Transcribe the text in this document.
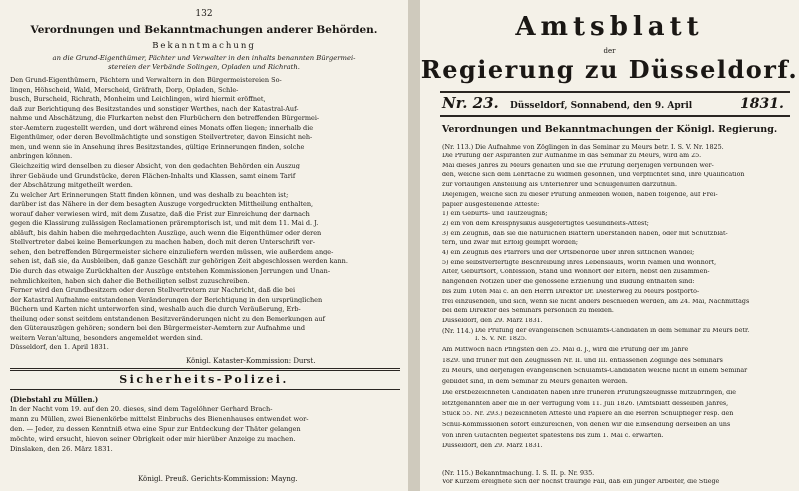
132
Verordnungen und Bekanntmachungen anderer Behörden.
Bekanntmachung
an die Grund-Eigenthümer, Pächter und Verwalter in den inhalts benannten Bürgermei-
stereien der Verbände Solingen, Opladen und Richrath.
Den Grund-Eigenthümern, Pächtern und Verwaltern in den Bürgermeistereien So-
lingen, Höhscheid, Wald, Merscheid, Gräfrath, Dorp, Opladen, Schle-
busch, Burscheid, Richrath, Monheim und Leichlingen, wird hiermit eröffnet,
daß zur Berichtigung des Besitzstandes und sonstiger Werthes, nach der Katastral-Auf-
nahme und Abschätzung, die Flurkarten nebst den Flurbüchern den betreffenden Bürgermei-
ster-Aemtern zugestellt werden, und dort während eines Monats offen liegen; innerhalb die
Eigenthümer, oder deren Bevollmächtigte und sonstigen Steilvertreter, davon Einsicht neh-
men, und wenn sie in Ansehung ihres Besitzstandes, gültige Erinnerungen finden, solche
anbringen können.
Gleichzeitig wird denselben zu dieser Absicht, von den gedachten Behörden ein Auszug
ihrer Gebäude und Grundstücke, deren Flächen-Inhalts und Klassen, samt einem Tarif
der Abschätzung mitgetheilt werden.
Zu welcher Art Erinnerungen Statt finden können, und was deshalb zu beachten ist;
darüber ist das Nähere in der dem besagten Auszuge vorgedruckten Mittheilung enthalten,
worauf daher verwiesen wird, mit dem Zusatze, daß die Frist zur Einreichung der darnach
gegen die Klassirung zulässigen Reclamationen präremptorisch ist, und mit dem 11. Mai d. J.
abläuft, bis dahin haben die mehrgedachten Auszüge, auch wenn die Eigenthümer oder deren
Stellvertreter dabei keine Bemerkungen zu machen haben, doch mit deren Unterschrift ver-
sehen, den betreffenden Bürgermeister sichere einzuliefern werden müssen, wie außerdem ange-
sehen ist, daß sie, da Ausbleiben, daß ganze Geschäft zur gehörigen Zeit abgeschlossen werden kann.
Die durch das etwaige Zurückhalten der Auszüge entstehen Kommissionen Jerrungen und Unan-
nehmlichkeiten, haben sich daher die Betheiligten selbst zuzuschreiben.
Ferner wird den Grundbesitzern oder deren Stellvertretern zur Nachricht, daß die bei
der Katastral Aufnahme entstandenen Veränderungen der Berichtigung in den ursprünglichen
Büchern und Karten nicht unterworfen sind, weshalb auch die durch Veräußerung, Erb-
theilung oder sonst seitdem entstandenen Besitzveränderungen nicht zu den Bemerkungen auf
den Güterauszügen gehören; sondern bei den Bürgermeister-Aemtern zur Aufnahme und
weitern Veran'altung, besonders angemeldet werden sind.
Düsseldorf, den 1. April 1831.
Königl. Kataster-Kommission: Durst.
Sicherheits-Polizei.
(Diebstahl zu Müllen.)
In der Nacht vom 19. auf den 20. dieses, sind dem Tagelöhner Gerhard Brach-
mann zu Müllen, zwei Bienenkörbe mittelst Einbruchs des Bienenhauses entwendet wor-
den. — Jeder, zu dessen Kenntniß etwa eine Spur zur Entdeckung der Thäter gelangen
möchte, wird ersucht, hievon seiner Obrigkeit oder mir hierüber Anzeige zu machen.
Dinslaken, den 26. März 1831.
Königl. Preuß. Gerichts-Kommission: Mayng.
Amtsblatt
der
Regierung zu Düsseldorf.
Nr. 23. Düsseldorf, Sonnabend, den 9. April	1831.
Verordnungen und Bekanntmachungen der Königl. Regierung.
(Nr. 113.) Die Aufnahme von Zöglingen in das Seminar zu Meurs betr. I. S. V. Nr. 1825.
Die Prüfung der Aspiranten zur Aufnahme in das Seminar zu Meurs, wird am 25.
Mai dieses Jahres zu Meurs gehalten und sie die Prüfung derjenigen verbunden wer-
den, welche sich dem Lehrfache zu widmen gesonnen, und verpflichtet sind, ihre Qualification
zur vorläufigen Anstellung als Unterlehrer und Schulgehülfen darzuthun.
Diejenigen, welche sich zu dieser Prüfung anmelden wollen, haben folgende, auf Frei-
papier ausgestellende Atteste:
1) ein Geburts- und Taufzeugniß;
2) ein von dem Kreisphysikus ausgefertigtes Gesundheits-Attest;
3) ein Zeugniß, daß sie die natürlichen Blattern überstanden haben, oder mit Schutzblat-
tern, und zwar mit Erfolg geimpft worden;
4) ein Zeugniß des Pfarrers und der Ortsbehörde über ihren sittlichen Wandel;
5) eine selbstverfertigte Beschreibung ihres Lebenslaufs, worin Namen und Wohnort,
Alter, Geburtsort, Confession, Stand und Wohnort der Eltern, nebst den zusammen-
hangenden Notizen über die genossene Erziehung und Bildung enthalten sind:
bis zum 10ten Mai c. an den Herrn Direktor Dr. Diesterweg zu Meurs postporto-
frei einzusenden, und sich, wenn sie nicht anders beschieden werden, am 24. Mai, Nachmittags
bei dem Direktor des Seminars persönlich zu melden.
Düsseldorf, den 29. März 1831.
(Nr. 114.) Die Prüfung der evangelischen Schulamts-Candidaten in dem Seminar zu Meurs betr.
I. S. V. Nr. 1825.
Am Mittwoch nach Pfingsten den 25. Mai d. J., wird die Prüfung der im Jahre
1829. und früher mit den Zeugnissen Nr. II. und III. entlassenen Zöglinge des Seminars
zu Meurs, und derjenigen evangelischen Schulamts-Candidaten welche nicht in einem Seminar
gebildet sind, in dem Seminar zu Meurs gehalten werden.
Die erstbezeichneten Candidaten haben ihre früheren Prüfungszeugnisse mitzubringen, die
letztgenannten aber die in der Verfügung vom 11. Juli 1826. (Amtsblatt desselben Jahres,
Stück 55. Nr. 293.) bezeichneten Atteste und Papiere an die Herren Schulpfleger resp. den
Schul-Kommissionen sofort einzureichen, von denen wir die Einsendung derselben an uns
von ihren Gutachten begleitet spätestens bis zum 1. Mai c. erwarten.
Düsseldorf, den 29. März 1831.
(Nr. 115.) Bekanntmachung. I. S. II. p. Nr. 935.
Vor Kurzem ereignete sich der höchst traurige Fall, daß ein junger Arbeiter, die Stiege
